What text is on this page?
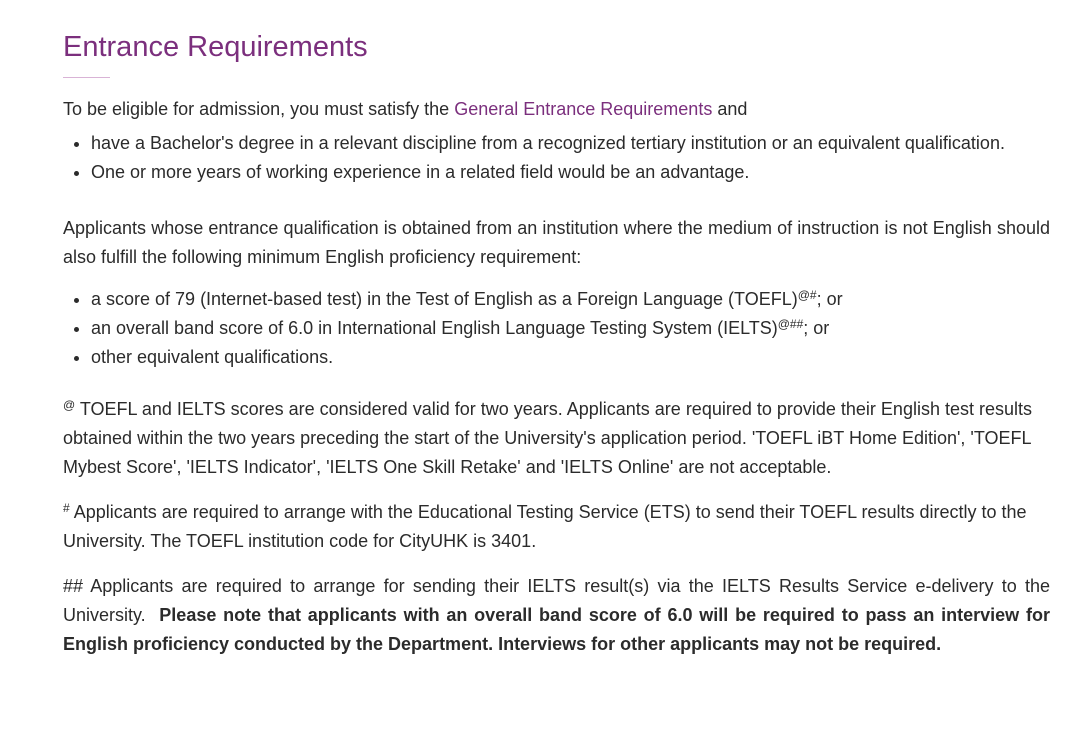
Entrance Requirements

To be eligible for admission, you must satisfy the General Entrance Requirements and

• have a Bachelor's degree in a relevant discipline from a recognized tertiary institution or an equivalent qualification.
• One or more years of working experience in a related field would be an advantage.

Applicants whose entrance qualification is obtained from an institution where the medium of instruction is not English should also fulfill the following minimum English proficiency requirement:

• a score of 79 (Internet-based test) in the Test of English as a Foreign Language (TOEFL)@#; or
• an overall band score of 6.0 in International English Language Testing System (IELTS)@##; or
• other equivalent qualifications.

@ TOEFL and IELTS scores are considered valid for two years. Applicants are required to provide their English test results obtained within the two years preceding the start of the University's application period. 'TOEFL iBT Home Edition', 'TOEFL Mybest Score', 'IELTS Indicator', 'IELTS One Skill Retake' and 'IELTS Online' are not acceptable.

# Applicants are required to arrange with the Educational Testing Service (ETS) to send their TOEFL results directly to the University. The TOEFL institution code for CityUHK is 3401.

## Applicants are required to arrange for sending their IELTS result(s) via the IELTS Results Service e-delivery to the University. Please note that applicants with an overall band score of 6.0 will be required to pass an interview for English proficiency conducted by the Department. Interviews for other applicants may not be required.
